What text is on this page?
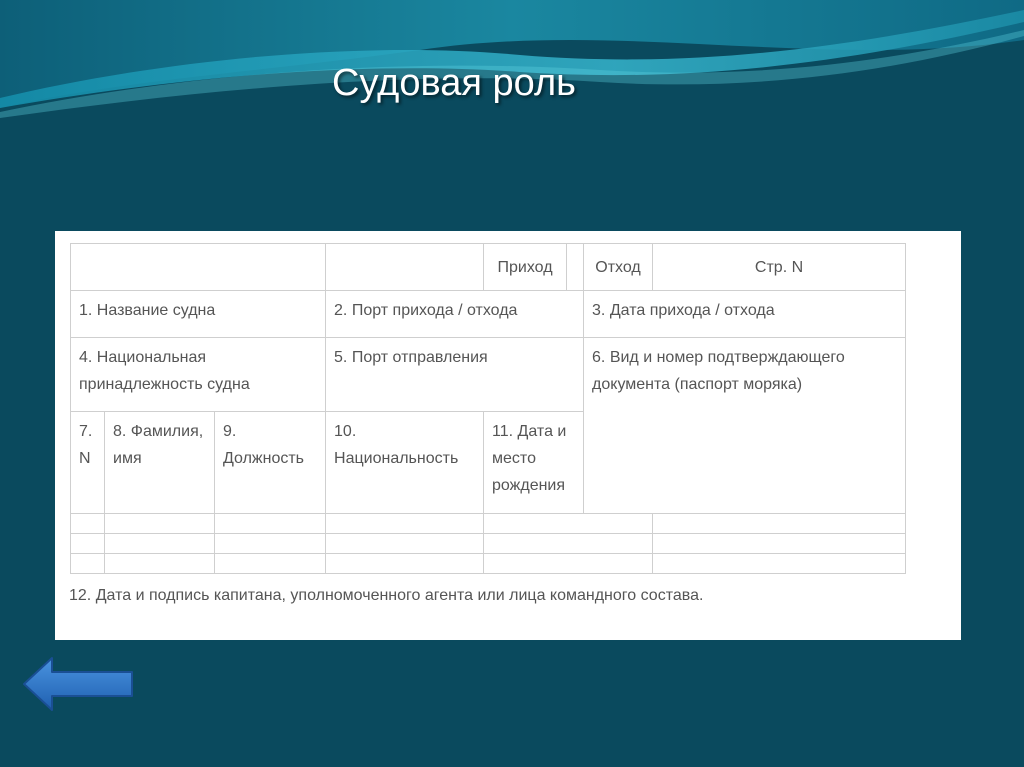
Судовая роль
				Приход		Отход	Стр. N
1. Название судна			2. Порт прихода / отхода			3. Дата прихода / отхода	
4. Национальная принадлежность судна			5. Порт отправления			6. Вид и номер подтверждающего документа (паспорт моряка)	
7. N	8. Фамилия, имя	9. Должность	10. Национальность	11. Дата и место рождения			

12. Дата и подпись капитана, уполномоченного агента или лица командного состава.
